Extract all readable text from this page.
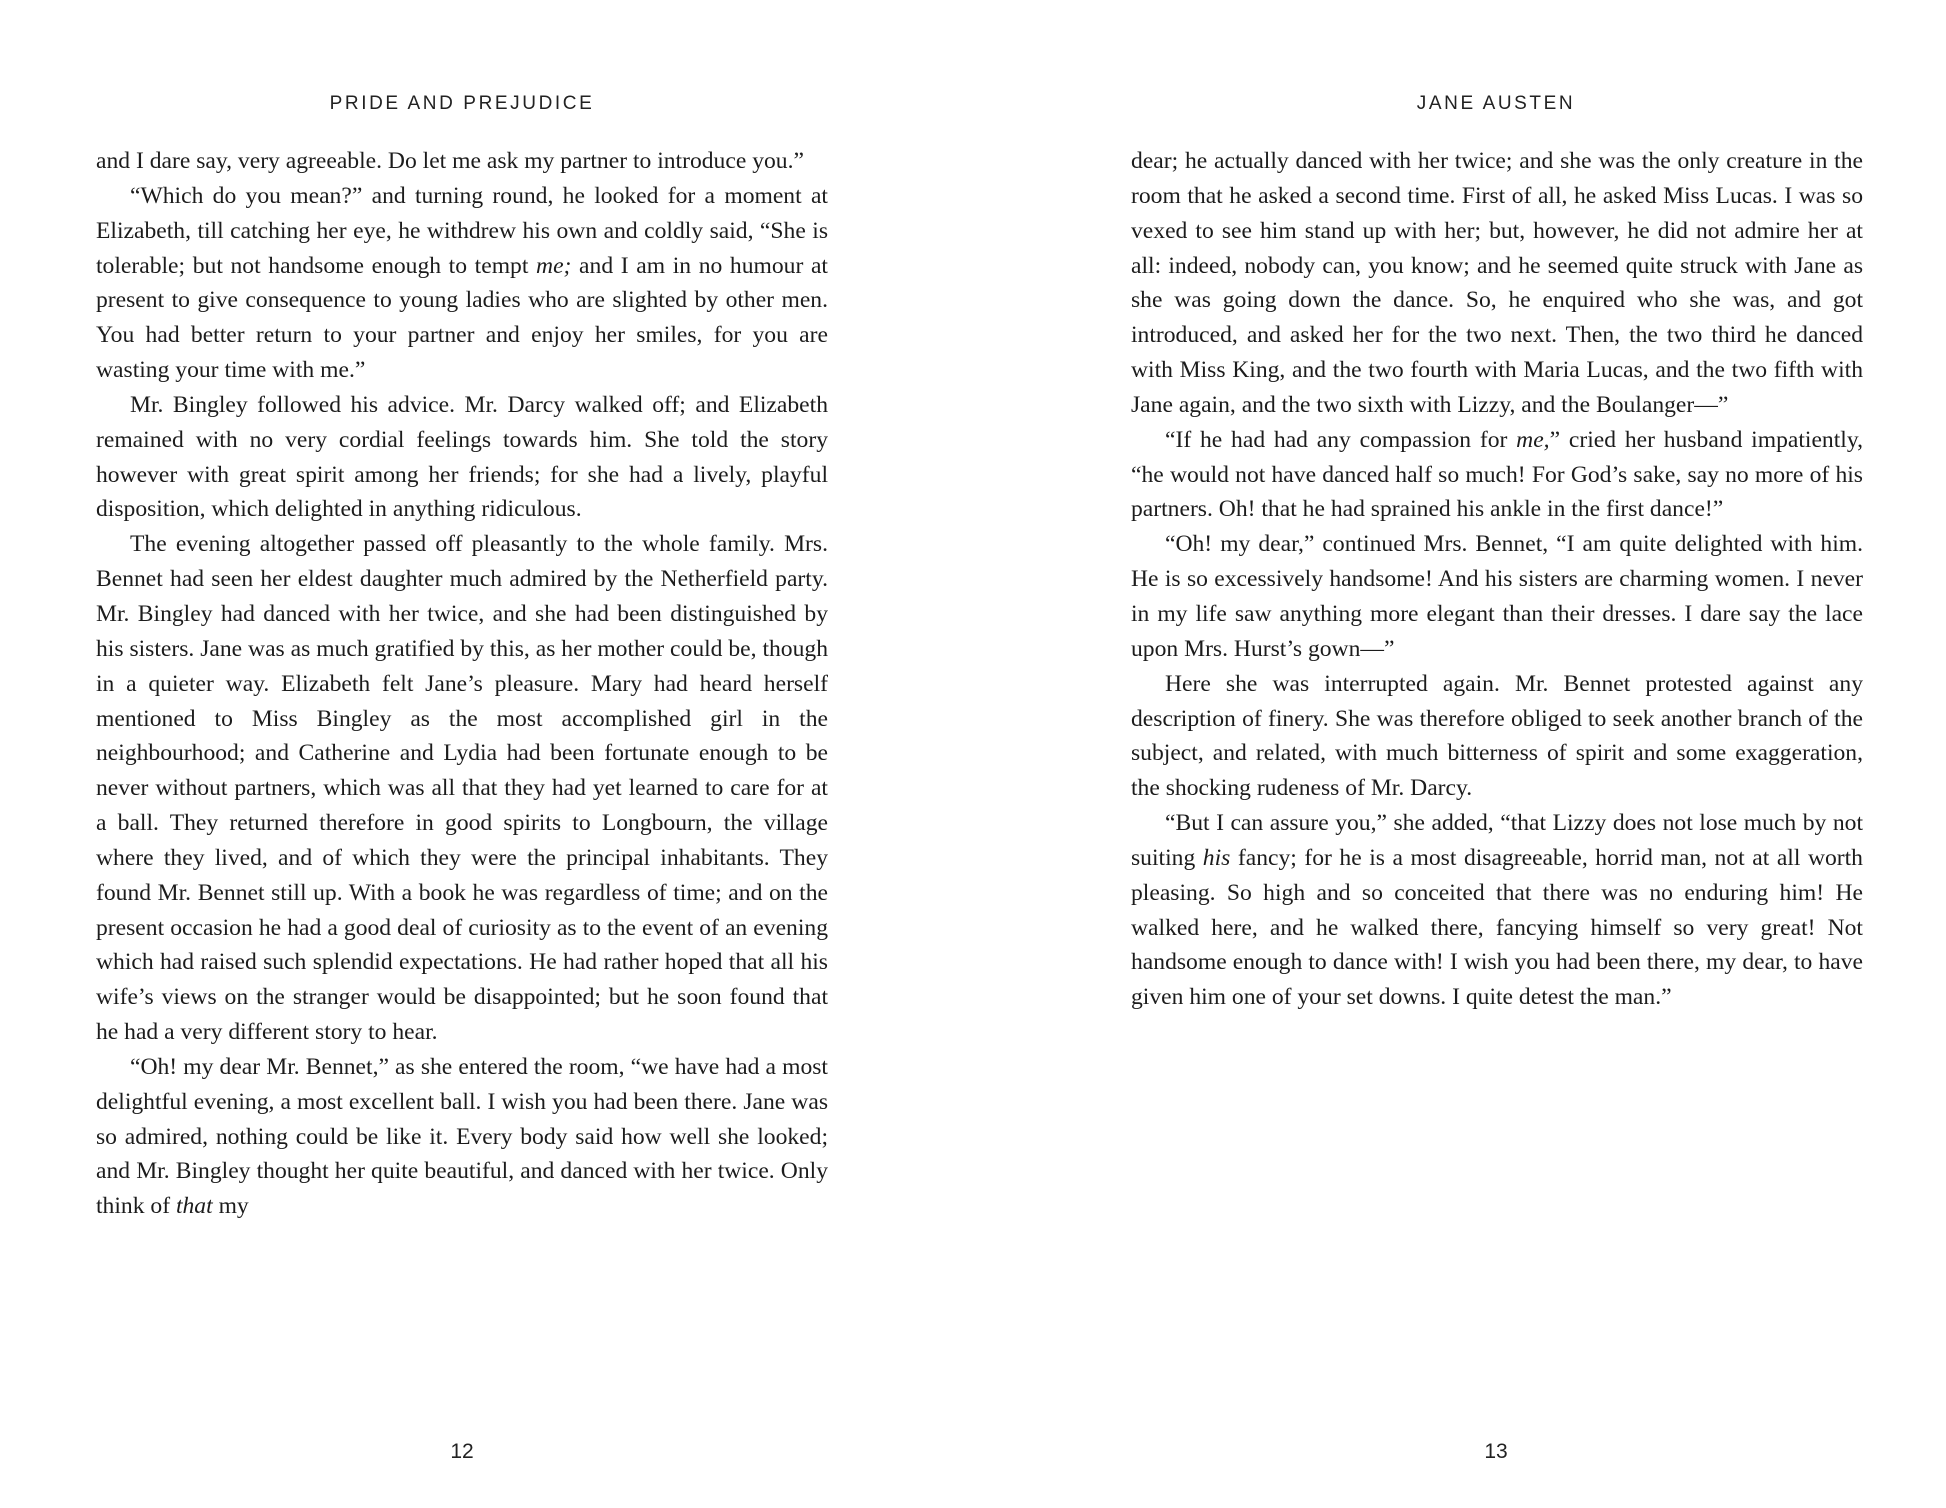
PRIDE AND PREJUDICE

and I dare say, very agreeable. Do let me ask my partner to introduce you.”

“Which do you mean?” and turning round, he looked for a moment at Elizabeth, till catching her eye, he withdrew his own and coldly said, “She is tolerable; but not handsome enough to tempt me; and I am in no humour at present to give consequence to young ladies who are slighted by other men. You had better return to your partner and enjoy her smiles, for you are wasting your time with me.”

Mr. Bingley followed his advice. Mr. Darcy walked off; and Elizabeth remained with no very cordial feelings towards him. She told the story however with great spirit among her friends; for she had a lively, playful disposition, which delighted in anything ridiculous.

The evening altogether passed off pleasantly to the whole family. Mrs. Bennet had seen her eldest daughter much admired by the Netherfield party. Mr. Bingley had danced with her twice, and she had been distinguished by his sisters. Jane was as much gratified by this, as her mother could be, though in a quieter way. Elizabeth felt Jane’s pleasure. Mary had heard herself mentioned to Miss Bingley as the most accomplished girl in the neighbourhood; and Catherine and Lydia had been fortunate enough to be never without partners, which was all that they had yet learned to care for at a ball. They returned therefore in good spirits to Longbourn, the village where they lived, and of which they were the principal inhabitants. They found Mr. Bennet still up. With a book he was regardless of time; and on the present occasion he had a good deal of curiosity as to the event of an evening which had raised such splendid expectations. He had rather hoped that all his wife’s views on the stranger would be disappointed; but he soon found that he had a very different story to hear.

“Oh! my dear Mr. Bennet,” as she entered the room, “we have had a most delightful evening, a most excellent ball. I wish you had been there. Jane was so admired, nothing could be like it. Every body said how well she looked; and Mr. Bingley thought her quite beautiful, and danced with her twice. Only think of that my

12
JANE AUSTEN

dear; he actually danced with her twice; and she was the only creature in the room that he asked a second time. First of all, he asked Miss Lucas. I was so vexed to see him stand up with her; but, however, he did not admire her at all: indeed, nobody can, you know; and he seemed quite struck with Jane as she was going down the dance. So, he enquired who she was, and got introduced, and asked her for the two next. Then, the two third he danced with Miss King, and the two fourth with Maria Lucas, and the two fifth with Jane again, and the two sixth with Lizzy, and the Boulanger—”

“If he had had any compassion for me,” cried her husband impatiently, “he would not have danced half so much! For God’s sake, say no more of his partners. Oh! that he had sprained his ankle in the first dance!”

“Oh! my dear,” continued Mrs. Bennet, “I am quite delighted with him. He is so excessively handsome! And his sisters are charming women. I never in my life saw anything more elegant than their dresses. I dare say the lace upon Mrs. Hurst’s gown—”

Here she was interrupted again. Mr. Bennet protested against any description of finery. She was therefore obliged to seek another branch of the subject, and related, with much bitterness of spirit and some exaggeration, the shocking rudeness of Mr. Darcy.

“But I can assure you,” she added, “that Lizzy does not lose much by not suiting his fancy; for he is a most disagreeable, horrid man, not at all worth pleasing. So high and so conceited that there was no enduring him! He walked here, and he walked there, fancying himself so very great! Not handsome enough to dance with! I wish you had been there, my dear, to have given him one of your set downs. I quite detest the man.”

13
